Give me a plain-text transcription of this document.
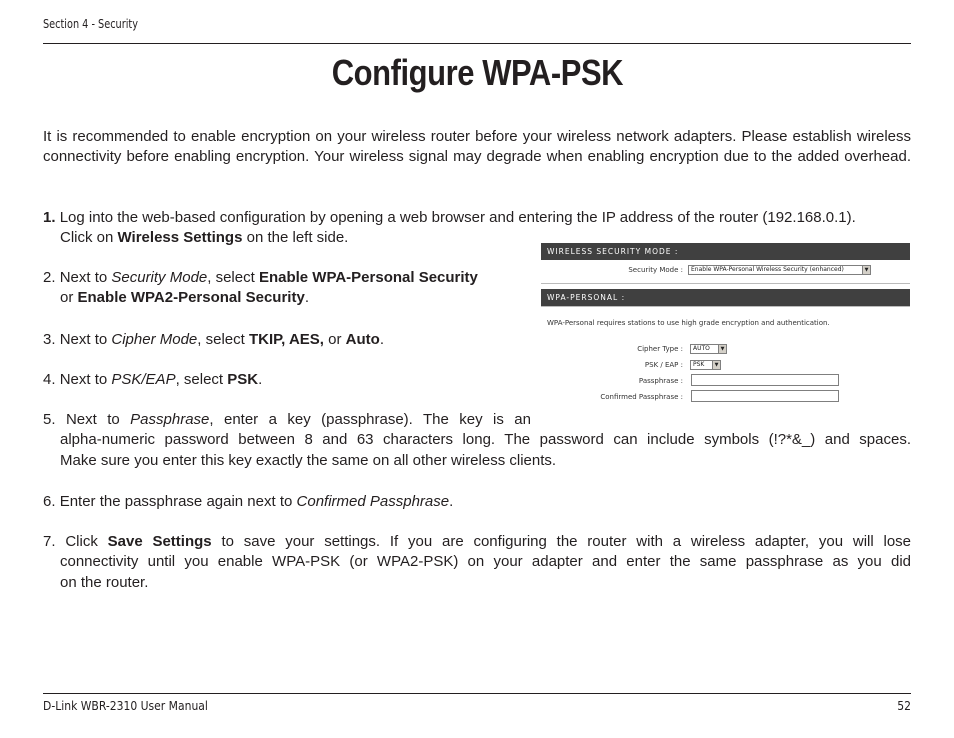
Section 4 - Security
Configure WPA-PSK
It is recommended to enable encryption on your wireless router before your wireless network adapters. Please establish wireless connectivity before enabling encryption. Your wireless signal may degrade when enabling encryption due to the added overhead.
1. Log into the web-based configuration by opening a web browser and entering the IP address of the router (192.168.0.1).
Click on Wireless Settings on the left side.
2. Next to Security Mode, select Enable WPA-Personal Security
or Enable WPA2-Personal Security.
3. Next to Cipher Mode, select TKIP, AES, or Auto.
4. Next to PSK/EAP, select PSK.
5. Next to Passphrase, enter a key (passphrase). The key is an
alpha-numeric password between 8 and 63 characters long. The password can include symbols (!?*&_) and spaces.
Make sure you enter this key exactly the same on all other wireless clients.
6. Enter the passphrase again next to Confirmed Passphrase.
7. Click Save Settings to save your settings. If you are configuring the router with a wireless adapter, you will lose
connectivity until you enable WPA-PSK (or WPA2-PSK) on your adapter and enter the same passphrase as you did
on the router.
WIRELESS SECURITY MODE :
Security Mode :	Enable WPA-Personal Wireless Security (enhanced)	▼
WPA-PERSONAL :
WPA-Personal requires stations to use high grade encryption and authentication.
Cipher Type :	AUTO	▼
PSK / EAP :	PSK	▼
Passphrase :
Confirmed Passphrase :
D-Link WBR-2310 User Manual	52
